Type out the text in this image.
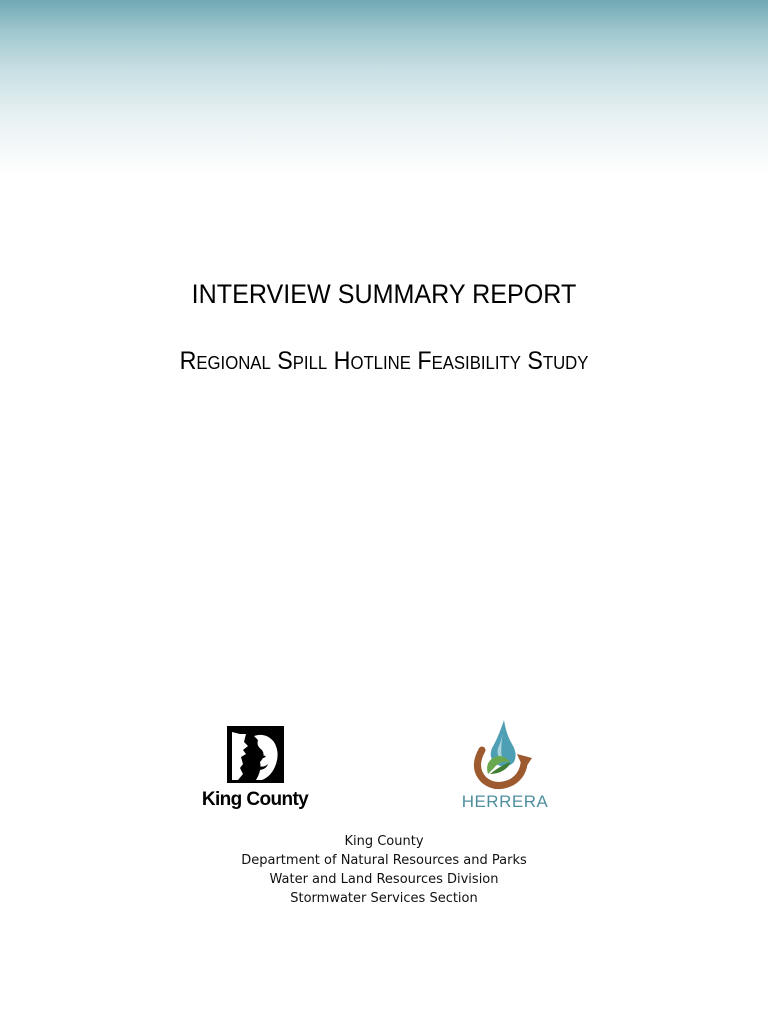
INTERVIEW SUMMARY REPORT
Regional Spill Hotline Feasibility Study
King County	HERRERA
King County
Department of Natural Resources and Parks
Water and Land Resources Division
Stormwater Services Section
